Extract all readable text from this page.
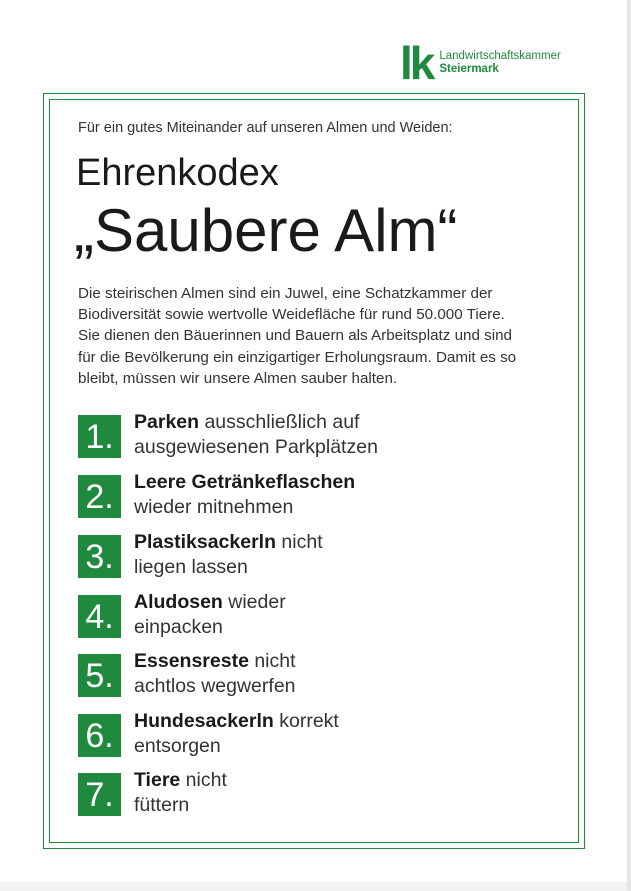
lk Landwirtschaftskammer
Steiermark
Für ein gutes Miteinander auf unseren Almen und Weiden:
Ehrenkodex
„Saubere Alm“
Die steirischen Almen sind ein Juwel, eine Schatzkammer der
Biodiversität sowie wertvolle Weidefläche für rund 50.000 Tiere.
Sie dienen den Bäuerinnen und Bauern als Arbeitsplatz und sind
für die Bevölkerung ein einzigartiger Erholungsraum. Damit es so
bleibt, müssen wir unsere Almen sauber halten.
1.	Parken ausschließlich auf
ausgewiesenen Parkplätzen
2.	Leere Getränkeflaschen
wieder mitnehmen
3.	Plastiksackerln nicht
liegen lassen
4.	Aludosen wieder
einpacken
5.	Essensreste nicht
achtlos wegwerfen
6.	Hundesackerln korrekt
entsorgen
7.	Tiere nicht
füttern
